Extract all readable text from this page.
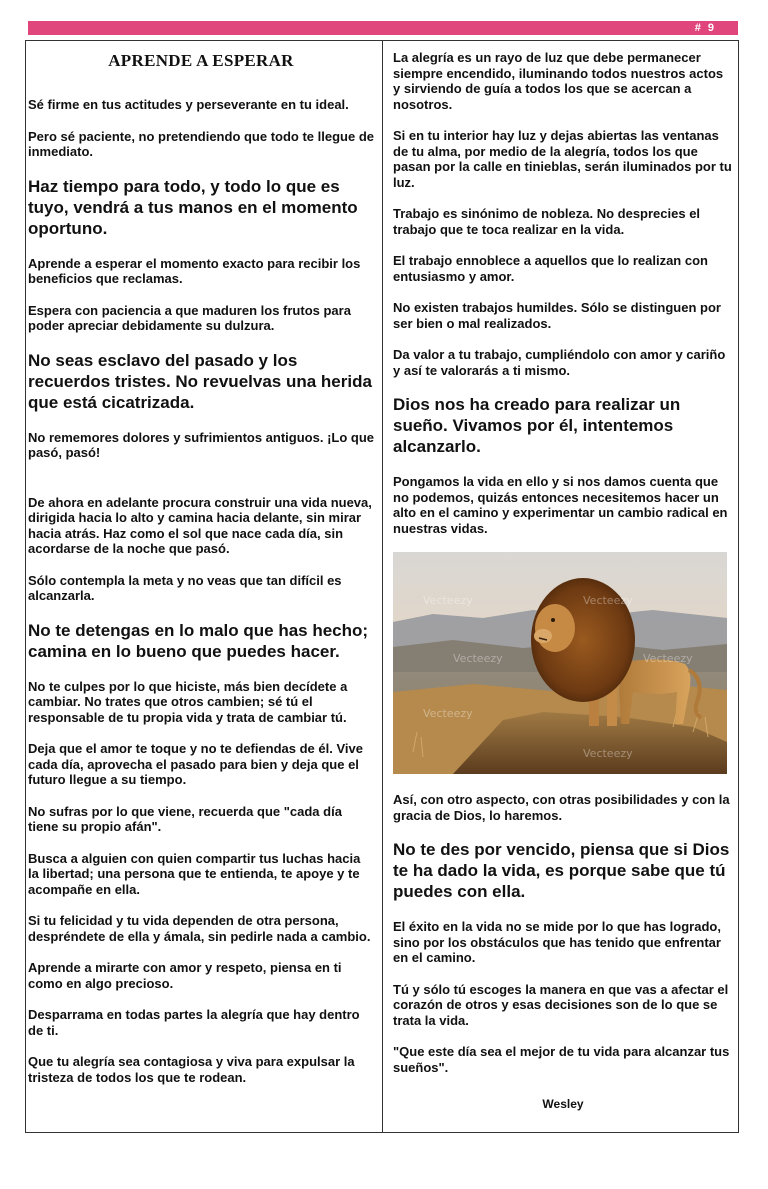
# 9
APRENDE A ESPERAR
Sé firme en tus actitudes y perseverante en tu ideal.
Pero sé paciente, no pretendiendo que todo te llegue de inmediato.
Haz tiempo para todo, y todo lo que es tuyo, vendrá a tus manos en el momento oportuno.
Aprende a esperar el momento exacto para recibir los beneficios que reclamas.
Espera con paciencia a que maduren los frutos para poder apreciar debidamente su dulzura.
No seas esclavo del pasado y los recuerdos tristes. No revuelvas una herida que está cicatrizada.
No rememores dolores y sufrimientos antiguos. ¡Lo que pasó, pasó!
De ahora en adelante procura construir una vida nueva, dirigida hacia lo alto y camina hacia delante, sin mirar hacia atrás. Haz como el sol que nace cada día, sin acordarse de la noche que pasó.
Sólo contempla la meta y no veas que tan difícil es alcanzarla.
No te detengas en lo malo que has hecho; camina en lo bueno que puedes hacer.
No te culpes por lo que hiciste, más bien decídete a cambiar. No trates que otros cambien; sé tú el responsable de tu propia vida y trata de cambiar tú.
Deja que el amor te toque y no te defiendas de él. Vive cada día, aprovecha el pasado para bien y deja que el futuro llegue a su tiempo.
No sufras por lo que viene, recuerda que "cada día tiene su propio afán".
Busca a alguien con quien compartir tus luchas hacia la libertad; una persona que te entienda, te apoye y te acompañe en ella.
Si tu felicidad y tu vida dependen de otra persona, despréndete de ella y ámala, sin pedirle nada a cambio.
Aprende a mirarte con amor y respeto, piensa en ti como en algo precioso.
Desparrama en todas partes la alegría que hay dentro de ti.
Que tu alegría sea contagiosa y viva para expulsar la tristeza de todos los que te rodean.
La alegría es un rayo de luz que debe permanecer siempre encendido, iluminando todos nuestros actos y sirviendo de guía a todos los que se acercan a nosotros.
Si en tu interior hay luz y dejas abiertas las ventanas de tu alma, por medio de la alegría, todos los que pasan por la calle en tinieblas, serán iluminados por tu luz.
Trabajo es sinónimo de nobleza. No desprecies el trabajo que te toca realizar en la vida.
El trabajo ennoblece a aquellos que lo realizan con entusiasmo y amor.
No existen trabajos humildes. Sólo se distinguen por ser bien o mal realizados.
Da valor a tu trabajo, cumpliéndolo con amor y cariño y así te valorarás a ti mismo.
Dios nos ha creado para realizar un sueño. Vivamos por él, intentemos alcanzarlo.
Pongamos la vida en ello y si nos damos cuenta que no podemos, quizás entonces necesitemos hacer un alto en el camino y experimentar un cambio radical en nuestras vidas.
Vecteezy	Vecteezy
Vecteezy	Vecteezy
Vecteezy
Vecteezy
Así, con otro aspecto, con otras posibilidades y con la gracia de Dios, lo haremos.
No te des por vencido, piensa que si Dios te ha dado la vida, es porque sabe que tú puedes con ella.
El éxito en la vida no se mide por lo que has logrado, sino por los obstáculos que has tenido que enfrentar en el camino.
Tú y sólo tú escoges la manera en que vas a afectar el corazón de otros y esas decisiones son de lo que se trata la vida.
"Que este día sea el mejor de tu vida para alcanzar tus sueños".
Wesley
